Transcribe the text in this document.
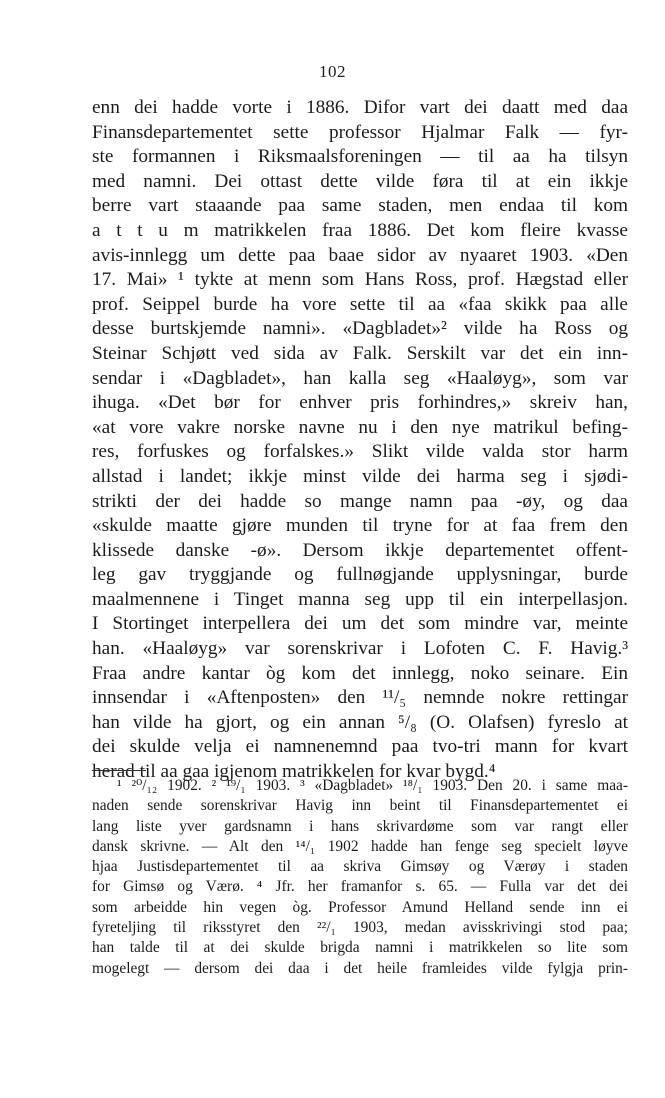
102
enn dei hadde vorte i 1886. Difor vart dei daatt med daa
Finansdepartementet sette professor Hjalmar Falk — fyr-
ste formannen i Riksmaalsforeningen — til aa ha tilsyn
med namni. Dei ottast dette vilde føra til at ein ikkje
berre vart staaande paa same staden, men endaa til kom
a t t u m matrikkelen fraa 1886. Det kom fleire kvasse
avis-innlegg um dette paa baae sidor av nyaaret 1903. «Den
17. Mai» ¹ tykte at menn som Hans Ross, prof. Hægstad eller
prof. Seippel burde ha vore sette til aa «faa skikk paa alle
desse burtskjemde namni». «Dagbladet»² vilde ha Ross og
Steinar Schjøtt ved sida av Falk. Serskilt var det ein inn-
sendar i «Dagbladet», han kalla seg «Haaløyg», som var
ihuga. «Det bør for enhver pris forhindres,» skreiv han,
«at vore vakre norske navne nu i den nye matrikul befing-
res, forfuskes og forfalskes.» Slikt vilde valda stor harm
allstad i landet; ikkje minst vilde dei harma seg i sjødi-
strikti der dei hadde so mange namn paa -øy, og daa
«skulde maatte gjøre munden til tryne for at faa frem den
klissede danske -ø». Dersom ikkje departementet offent-
leg gav tryggjande og fullnøgjande upplysningar, burde
maalmennene i Tinget manna seg upp til ein interpellasjon.
I Stortinget interpellera dei um det som mindre var, meinte
han. «Haaløyg» var sorenskrivar i Lofoten C. F. Havig.³
Fraa andre kantar òg kom det innlegg, noko seinare. Ein
innsendar i «Aftenposten» den ¹¹/₅ nemnde nokre rettingar
han vilde ha gjort, og ein annan ⁵/₈ (O. Olafsen) fyreslo at
dei skulde velja ei namnenemnd paa tvo-tri mann for kvart
herad til aa gaa igjenom matrikkelen for kvar bygd.⁴
¹ ²⁰/₁₂ 1902. ² ¹⁹/₁ 1903. ³ «Dagbladet» ¹⁸/₁ 1903. Den 20. i same maa-
naden sende sorenskrivar Havig inn beint til Finansdepartementet ei
lang liste yver gardsnamn i hans skrivardøme som var rangt eller
dansk skrivne. — Alt den ¹⁴/₁ 1902 hadde han fenge seg specielt løyve
hjaa Justisdepartementet til aa skriva Gimsøy og Værøy i staden
for Gimsø og Værø. ⁴ Jfr. her framanfor s. 65. — Fulla var det dei
som arbeidde hin vegen òg. Professor Amund Helland sende inn ei
fyreteljing til riksstyret den ²²/₁ 1903, medan avisskrivingi stod paa;
han talde til at dei skulde brigda namni i matrikkelen so lite som
mogelegt — dersom dei daa i det heile framleides vilde fylgja prin-
